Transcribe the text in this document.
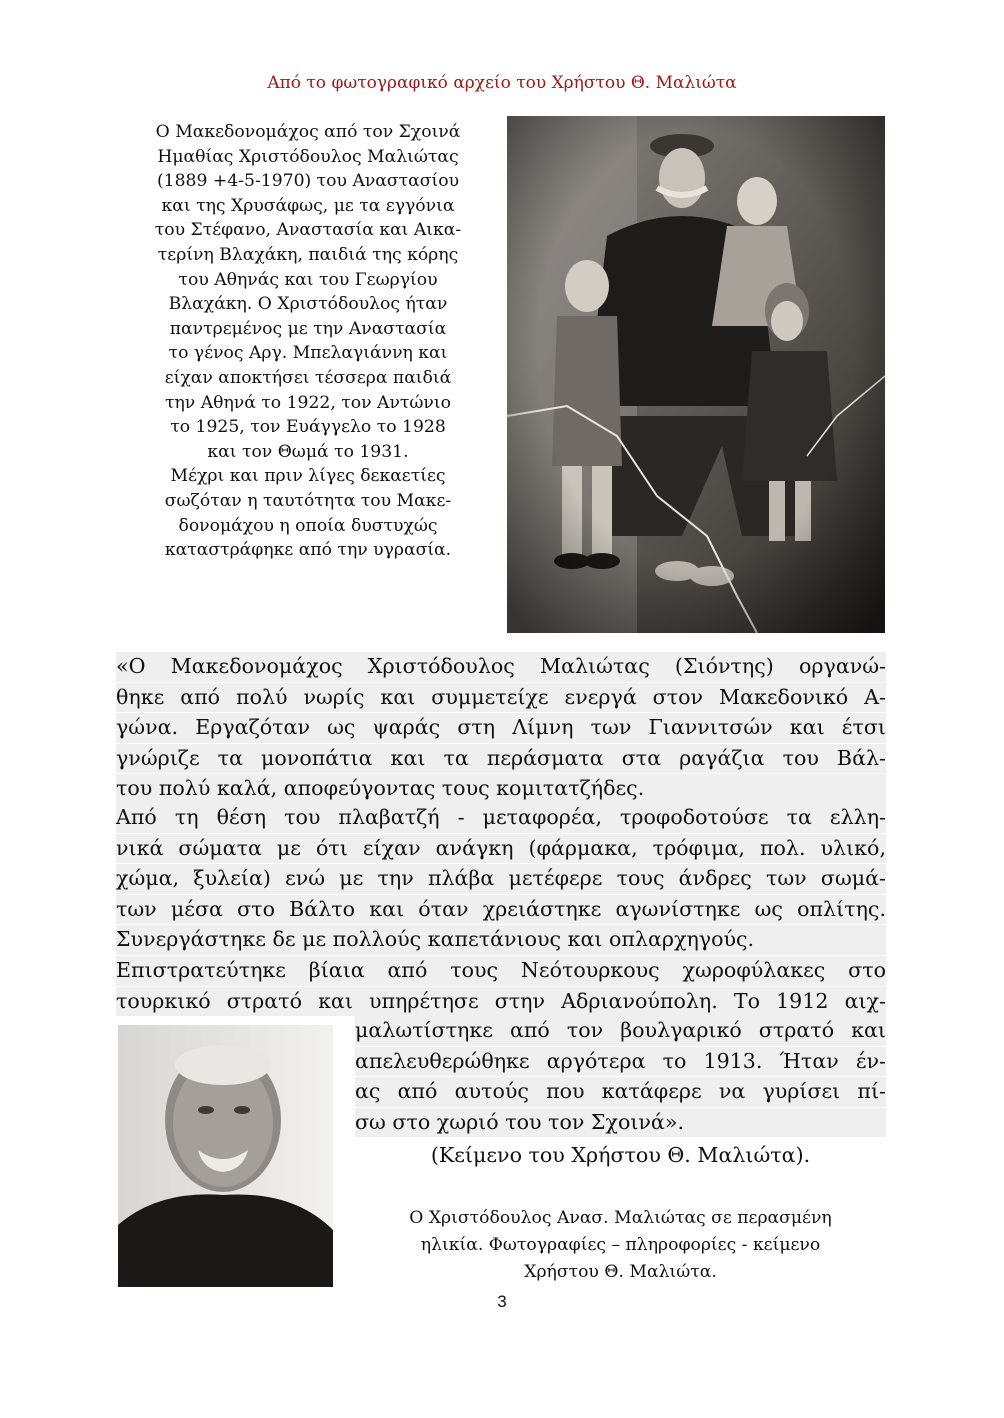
Από το φωτογραφικό αρχείο του Χρήστου Θ. Μαλιώτα
Ο Μακεδονομάχος από τον Σχοινά
Ημαθίας Χριστόδουλος Μαλιώτας
(1889 +4-5-1970) του Αναστασίου
και της Χρυσάφως, με τα εγγόνια
του Στέφανο, Αναστασία και Αικα-
τερίνη Βλαχάκη, παιδιά της κόρης
του Αθηνάς και του Γεωργίου
Βλαχάκη. Ο Χριστόδουλος ήταν
παντρεμένος με την Αναστασία
το γένος Αργ. Μπελαγιάννη και
είχαν αποκτήσει τέσσερα παιδιά
την Αθηνά το 1922, τον Αντώνιο
το 1925, τον Ευάγγελο το 1928
και τον Θωμά το 1931.
Μέχρι και πριν λίγες δεκαετίες
σωζόταν η ταυτότητα του Μακε-
δονομάχου η οποία δυστυχώς
καταστράφηκε από την υγρασία.
«Ο Μακεδονομάχος Χριστόδουλος Μαλιώτας (Σιόντης) οργανώ-
θηκε από πολύ νωρίς και συμμετείχε ενεργά στον Μακεδονικό Α-
γώνα. Εργαζόταν ως ψαράς στη Λίμνη των Γιαννιτσών και έτσι
γνώριζε τα μονοπάτια και τα περάσματα στα ραγάζια του Βάλ-
του πολύ καλά, αποφεύγοντας τους κομιτατζήδες.
Από τη θέση του πλαβατζή - μεταφορέα, τροφοδοτούσε τα ελλη-
νικά σώματα με ότι είχαν ανάγκη (φάρμακα, τρόφιμα, πολ. υλικό,
χώμα, ξυλεία) ενώ με την πλάβα μετέφερε τους άνδρες των σωμά-
των μέσα στο Βάλτο και όταν χρειάστηκε αγωνίστηκε ως οπλίτης.
Συνεργάστηκε δε με πολλούς καπετάνιους και οπλαρχηγούς.
Επιστρατεύτηκε βίαια από τους Νεότουρκους χωροφύλακες στο
τουρκικό στρατό και υπηρέτησε στην Αδριανούπολη. Το 1912 αιχ-
μαλωτίστηκε από τον βουλγαρικό στρατό και
απελευθερώθηκε αργότερα το 1913. Ήταν έν-
ας από αυτούς που κατάφερε να γυρίσει πί-
σω στο χωριό του τον Σχοινά».
(Κείμενο του Χρήστου Θ. Μαλιώτα).
Ο Χριστόδουλος Ανασ. Μαλιώτας σε περασμένη
ηλικία. Φωτογραφίες – πληροφορίες - κείμενο
Χρήστου Θ. Μαλιώτα.
3
